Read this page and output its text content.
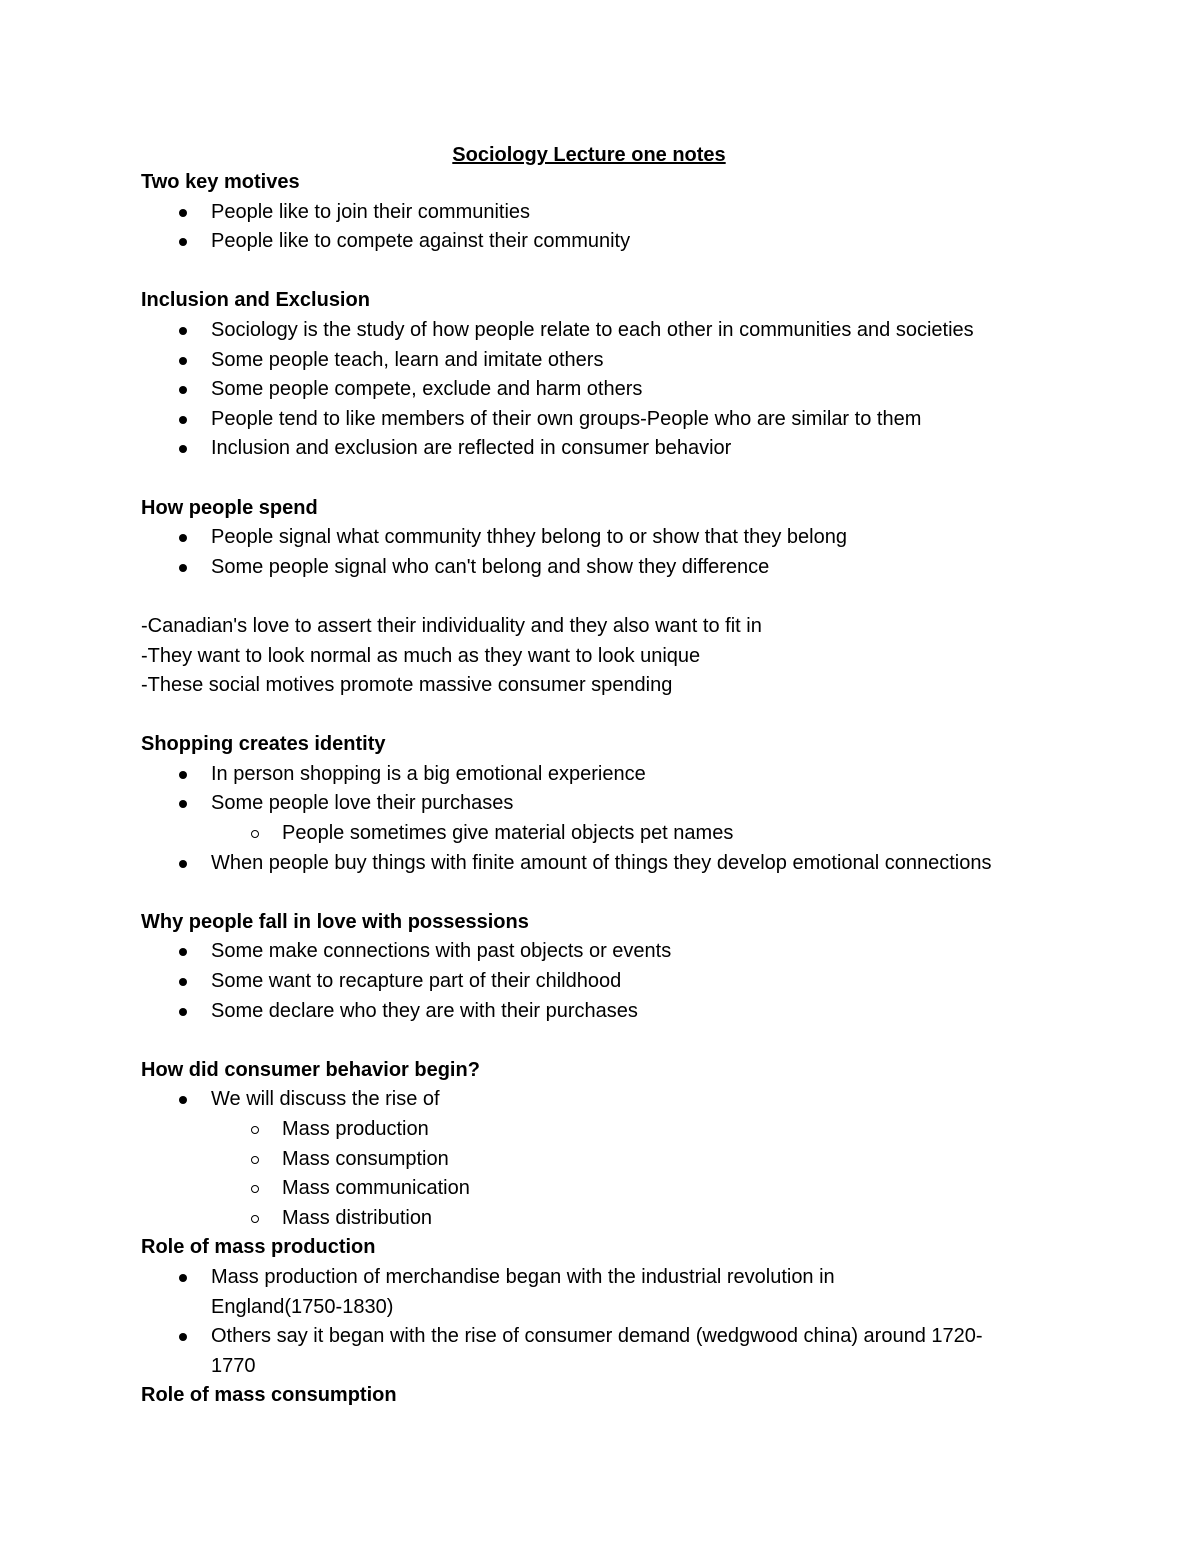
Sociology Lecture one notes
Two key motives
People like to join their communities
People like to compete against their community
Inclusion and Exclusion
Sociology is the study of how people relate to each other in communities and societies
Some people teach, learn and imitate others
Some people compete, exclude and harm others
People tend to like members of their own groups-People who are similar to them
Inclusion and exclusion are reflected in consumer behavior
How people spend
People signal what community thhey belong to or show that they belong
Some people signal who can't belong and show they difference
-Canadian's love to assert their individuality and they also want to fit in
-They want to look normal as much as they want to look unique
-These social motives promote massive consumer spending
Shopping creates identity
In person shopping is a big emotional experience
Some people love their purchases
People sometimes give material objects pet names
When people buy things with finite amount of things they develop emotional connections
Why people fall in love with possessions
Some make connections with past objects or events
Some want to recapture part of their childhood
Some declare who they are with their purchases
How did consumer behavior begin?
We will discuss the rise of
Mass production
Mass consumption
Mass communication
Mass distribution
Role of mass production
Mass production of merchandise began with the industrial revolution in England(1750-1830)
Others say it began with the rise of consumer demand (wedgwood china) around 1720-1770
Role of mass consumption
